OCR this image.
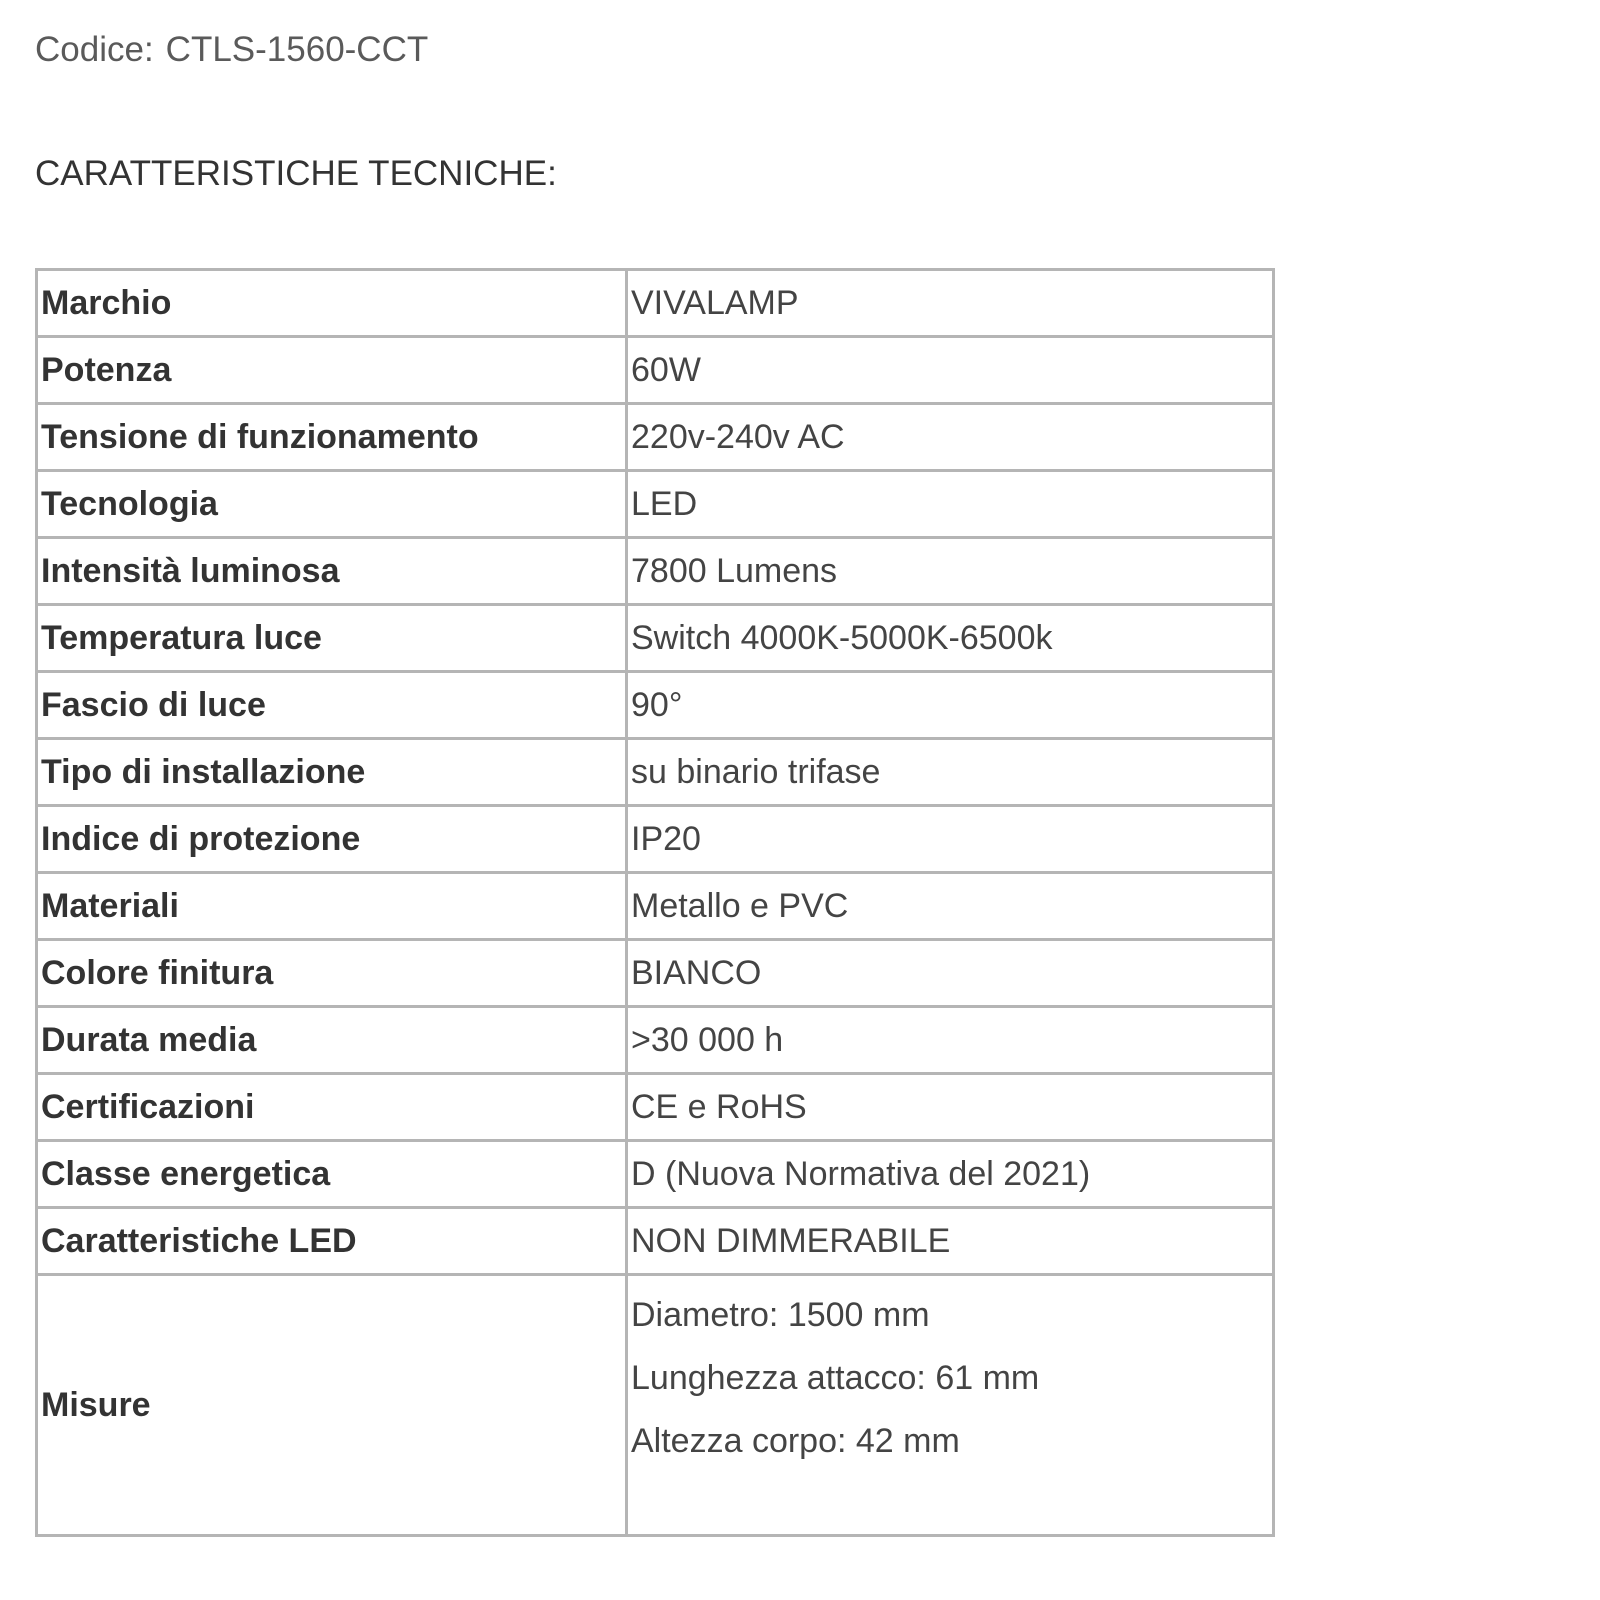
Codice: CTLS-1560-CCT
CARATTERISTICHE TECNICHE:
Marchio	VIVALAMP
Potenza	60W
Tensione di funzionamento	220v-240v AC
Tecnologia	LED
Intensità luminosa	7800 Lumens
Temperatura luce	Switch 4000K-5000K-6500k
Fascio di luce	90°
Tipo di installazione	su binario trifase
Indice di protezione	IP20
Materiali	Metallo e PVC
Colore finitura	BIANCO
Durata media	>30 000 h
Certificazioni	CE e RoHS
Classe energetica	D (Nuova Normativa del 2021)
Caratteristiche LED	NON DIMMERABILE
Misure	Diametro: 1500 mm
Lunghezza attacco: 61 mm
Altezza corpo: 42 mm
